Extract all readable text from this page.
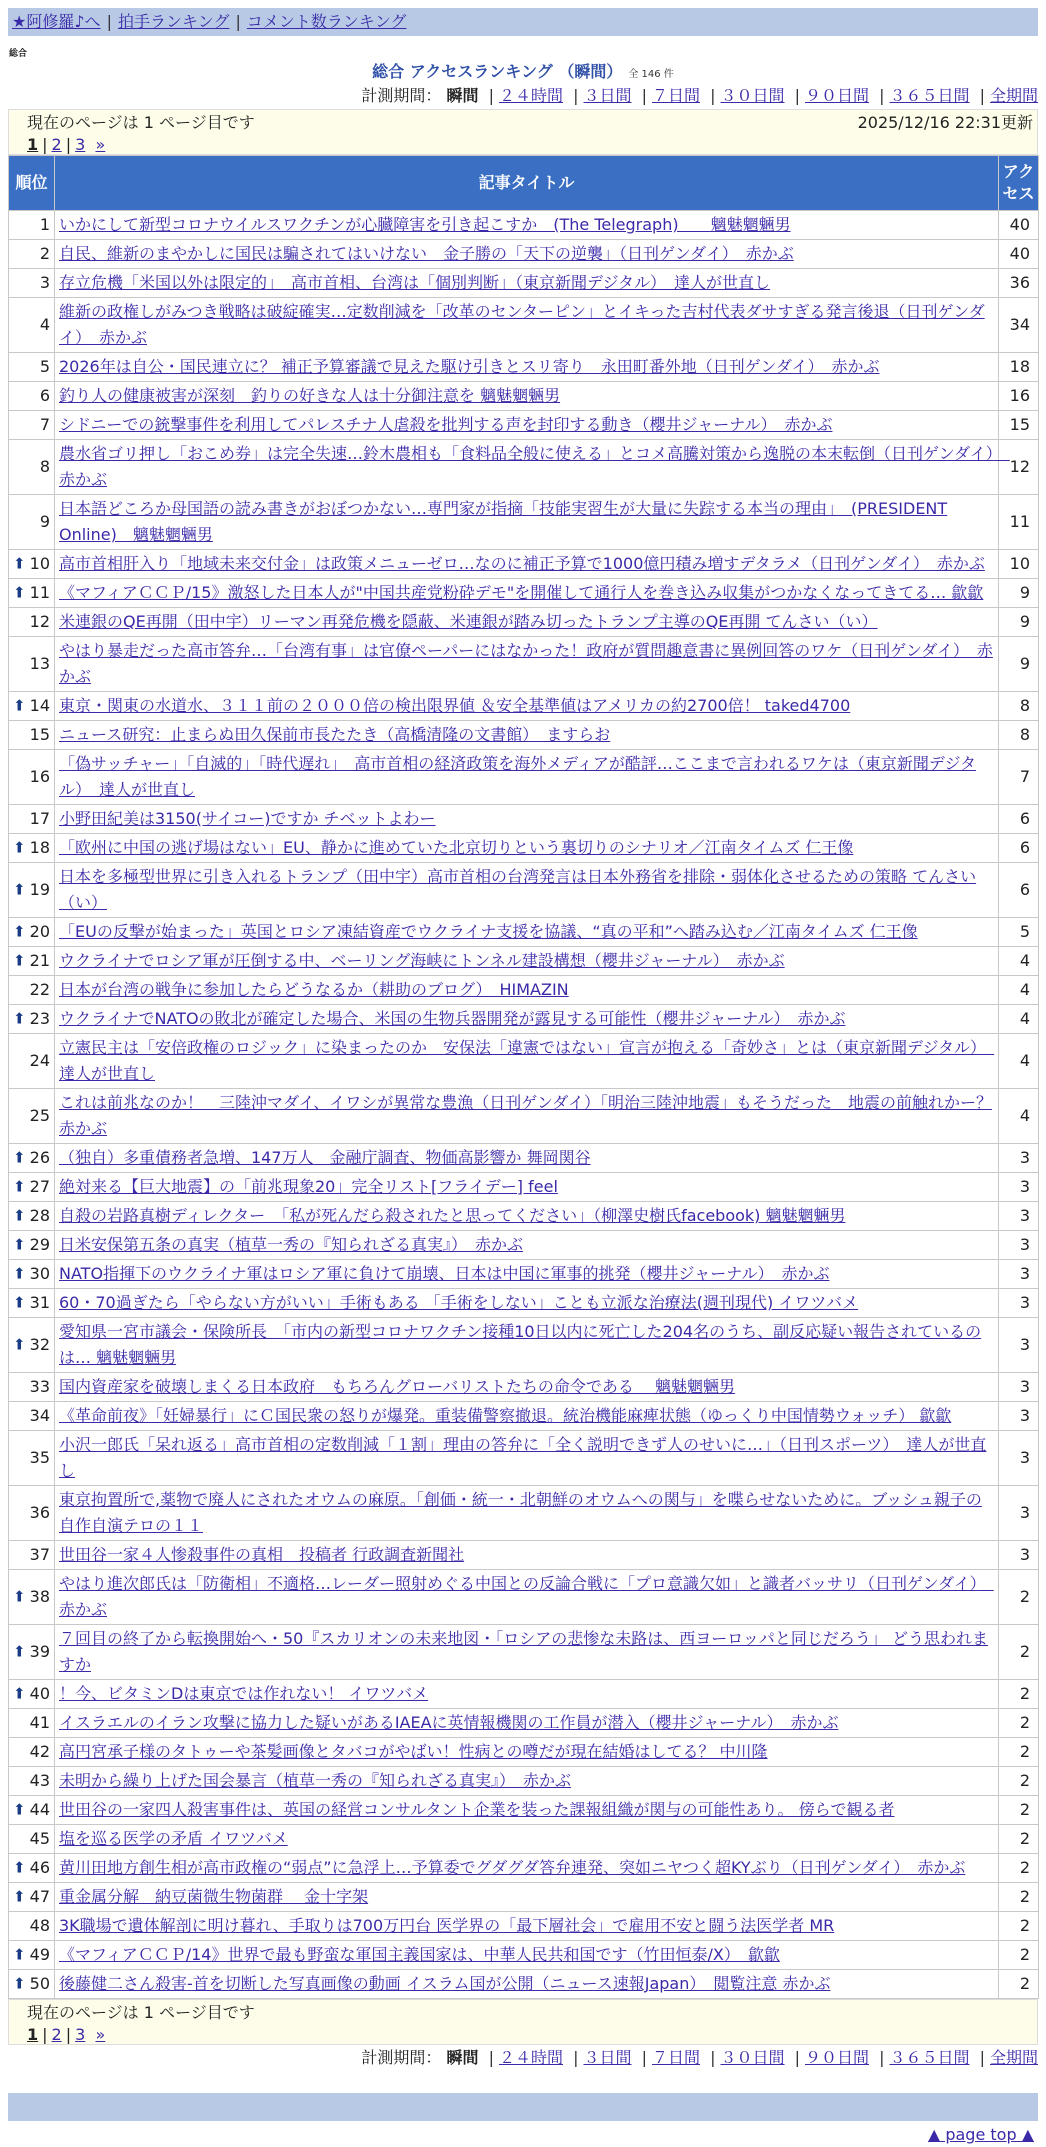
★阿修羅♪へ | 拍手ランキング | コメント数ランキング
総合
総合 アクセスランキング （瞬間） 全 146 件
計測期間： 瞬間 | ２４時間 | ３日間 | ７日間 | ３０日間 | ９０日間 | ３６５日間 | 全期間
現在のページは 1 ページ目です	2025/12/16 22:31更新
1 | 2 | 3 »
順位	記事タイトル	アクセス
1	いかにして新型コロナウイルスワクチンが心臓障害を引き起こすか　(The Telegraph)　　魑魅魍魎男	40
2	自民、維新のまやかしに国民は騙されてはいけない　金子勝の「天下の逆襲」（日刊ゲンダイ）　赤かぶ	40
3	存立危機「米国以外は限定的」　高市首相、台湾は「個別判断」（東京新聞デジタル）　達人が世直し	36
4	維新の政権しがみつき戦略は破綻確実…定数削減を「改革のセンターピン」とイキった吉村代表ダサすぎる発言後退（日刊ゲンダイ）　赤かぶ	34
5	2026年は自公・国民連立に？ 補正予算審議で見えた駆け引きとスリ寄り　永田町番外地（日刊ゲンダイ）　赤かぶ	18
6	釣り人の健康被害が深刻　釣りの好きな人は十分御注意を 魑魅魍魎男	16
7	シドニーでの銃撃事件を利用してパレスチナ人虐殺を批判する声を封印する動き（櫻井ジャーナル）　赤かぶ	15
8	農水省ゴリ押し「おこめ券」は完全失速…鈴木農相も「食料品全般に使える」とコメ高騰対策から逸脱の本末転倒（日刊ゲンダイ）　赤かぶ	12
9	日本語どころか母国語の読み書きがおぼつかない…専門家が指摘「技能実習生が大量に失踪する本当の理由」　(PRESIDENT Online)　魑魅魍魎男	11

⬆ 10	高市首相肝入り「地域未来交付金」は政策メニューゼロ…なのに補正予算で1000億円積み増すデタラメ（日刊ゲンダイ）　赤かぶ	10

⬆ 11	《マフィアＣＣＰ/15》激怒した日本人が"中国共産党粉砕デモ"を開催して通行人を巻き込み収集がつかなくなってきてる… 歙歙	9
12	米連銀のQE再開（田中宇）リーマン再発危機を隠蔽、米連銀が踏み切ったトランプ主導のQE再開 てんさい（い）	9
13	やはり暴走だった高市答弁…「台湾有事」は官僚ペーパーにはなかった！政府が質問趣意書に異例回答のワケ（日刊ゲンダイ）　赤かぶ	9

⬆ 14	東京・関東の水道水、３１１前の２０００倍の検出限界値 ＆安全基準値はアメリカの約2700倍！ taked4700	8
15	ニュース研究：止まらぬ田久保前市長たたき（高橋清隆の文書館）　ますらお	8
16	「偽サッチャー」「自滅的」「時代遅れ」　高市首相の経済政策を海外メディアが酷評…ここまで言われるワケは（東京新聞デジタル）　達人が世直し	7
17	小野田紀美は3150(サイコー)ですか チベットよわー	6

⬆ 18	「欧州に中国の逃げ場はない」EU、静かに進めていた北京切りという裏切りのシナリオ／江南タイムズ 仁王像	6

⬆ 19	日本を多極型世界に引き入れるトランプ（田中宇）高市首相の台湾発言は日本外務省を排除・弱体化させるための策略 てんさい（い）	6

⬆ 20	「EUの反撃が始まった」英国とロシア凍結資産でウクライナ支援を協議、“真の平和”へ踏み込む／江南タイムズ 仁王像	5

⬆ 21	ウクライナでロシア軍が圧倒する中、ベーリング海峡にトンネル建設構想（櫻井ジャーナル）　赤かぶ	4
22	日本が台湾の戦争に参加したらどうなるか（耕助のブログ）　HIMAZIN	4

⬆ 23	ウクライナでNATOの敗北が確定した場合、米国の生物兵器開発が露見する可能性（櫻井ジャーナル）　赤かぶ	4
24	立憲民主は「安倍政権のロジック」に染まったのか　安保法「違憲ではない」宣言が抱える「奇妙さ」とは（東京新聞デジタル）　達人が世直し	4
25	これは前兆なのか！　三陸沖マダイ、イワシが異常な豊漁（日刊ゲンダイ）「明治三陸沖地震」もそうだった　地震の前触れかー？ 赤かぶ	4

⬆ 26	（独自）多重債務者急増、147万人　金融庁調査、物価高影響か 舞岡関谷	3

⬆ 27	絶対来る【巨大地震】の「前兆現象20」完全リスト[フライデー] feel	3

⬆ 28	自殺の岩路真樹ディレクター　「私が死んだら殺されたと思ってください」（柳澤史樹氏facebook) 魑魅魍魎男	3

⬆ 29	日米安保第五条の真実（植草一秀の『知られざる真実』）　赤かぶ	3

⬆ 30	NATO指揮下のウクライナ軍はロシア軍に負けて崩壊、日本は中国に軍事的挑発（櫻井ジャーナル）　赤かぶ	3

⬆ 31	60・70過ぎたら「やらない方がいい」手術もある 「手術をしない」ことも立派な治療法(週刊現代) イワツバメ	3

⬆ 32	愛知県一宮市議会・保険所長　「市内の新型コロナワクチン接種10日以内に死亡した204名のうち、副反応疑い報告されているのは… 魑魅魍魎男	3
33	国内資産家を破壊しまくる日本政府　もちろんグローバリストたちの命令である　 魑魅魍魎男	3
34	《革命前夜》「妊婦暴行」にＣ国民衆の怒りが爆発。重装備警察撤退。統治機能麻痺状態（ゆっくり中国情勢ウォッチ） 歙歙	3
35	小沢一郎氏「呆れ返る」高市首相の定数削減「１割」理由の答弁に「全く説明できず人のせいに…」（日刊スポーツ）　達人が世直し	3
36	東京拘置所で,薬物で廃人にされたオウムの麻原。「創価・統一・北朝鮮のオウムへの関与」を喋らせないために。ブッシュ親子の自作自演テロの１１	3
37	世田谷一家４人惨殺事件の真相　投稿者 行政調査新聞社	3

⬆ 38	やはり進次郎氏は「防衛相」不適格…レーダー照射めぐる中国との反論合戦に「プロ意識欠如」と識者バッサリ（日刊ゲンダイ）　赤かぶ	2

⬆ 39	７回目の終了から転換開始へ・50『スカリオンの未来地図・「ロシアの悲惨な未路は、西ヨーロッパと同じだろう」 どう思われますか	2

⬆ 40	！今、ビタミンDは東京では作れない！ イワツバメ	2
41	イスラエルのイラン攻撃に協力した疑いがあるIAEAに英情報機関の工作員が潜入（櫻井ジャーナル）　赤かぶ	2
42	高円宮承子様のタトゥーや茶髪画像とタバコがやばい！性病との噂だが現在結婚はしてる？ 中川隆	2
43	未明から繰り上げた国会暴言（植草一秀の『知られざる真実』）　赤かぶ	2

⬆ 44	世田谷の一家四人殺害事件は、英国の経営コンサルタント企業を装った課報組織が関与の可能性あり。 傍らで観る者	2
45	塩を巡る医学の矛盾 イワツバメ	2

⬆ 46	黄川田地方創生相が高市政権の“弱点”に急浮上…予算委でグダグダ答弁連発、突如ニヤつく超KYぶり（日刊ゲンダイ）　赤かぶ	2

⬆ 47	重金属分解　納豆菌微生物菌群　 金十字架	2
48	3K職場で遺体解剖に明け暮れ、手取りは700万円台 医学界の「最下層社会」で雇用不安と闘う法医学者 MR	2

⬆ 49	《マフィアＣＣＰ/14》世界で最も野蛮な軍国主義国家は、中華人民共和国です（竹田恒泰/X）　歙歙	2

⬆ 50	後藤健二さん殺害-首を切断した写真画像の動画 イスラム国が公開（ニュース速報Japan）　閲覧注意 赤かぶ	2
現在のページは 1 ページ目です
1 | 2 | 3 »
計測期間： 瞬間 | ２４時間 | ３日間 | ７日間 | ３０日間 | ９０日間 | ３６５日間 | 全期間
▲ page top ▲
